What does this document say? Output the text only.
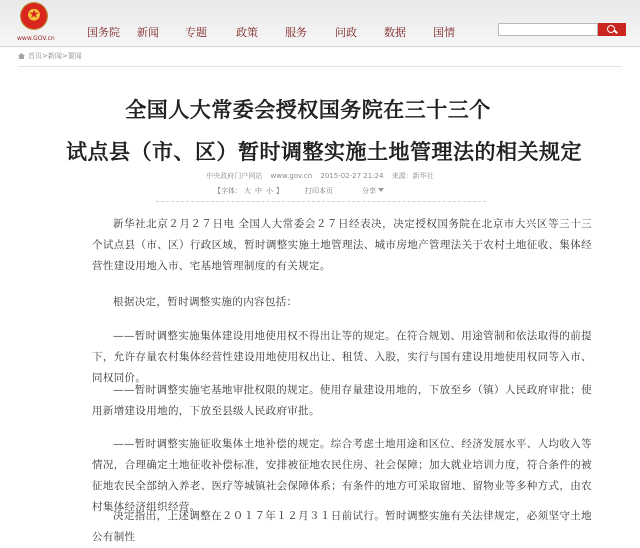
★
www.GOV.cn	国务院 新闻 专题	政策 服务	问政 数据 国情
首页>新闻>要闻
全国人大常委会授权国务院在三十三个
试点县（市、区）暂时调整实施土地管理法的相关规定
中央政府门户网站 www.gov.cn 2015-02-27 21:24 来源：新华社
【字体： 大 中 小 】	打印本页	分享

新华社北京２月２７日电 全国人大常委会２７日经表决，决定授权国务院在北京市大兴区等三十三个试点县（市、区）行政区域，暂时调整实施土地管理法、城市房地产管理法关于农村土地征收、集体经营性建设用地入市、宅基地管理制度的有关规定。

根据决定，暂时调整实施的内容包括：

——暂时调整实施集体建设用地使用权不得出让等的规定。在符合规划、用途管制和依法取得的前提下，允许存量农村集体经营性建设用地使用权出让、租赁、入股，实行与国有建设用地使用权同等入市、同权同价。

——暂时调整实施宅基地审批权限的规定。使用存量建设用地的，下放至乡（镇）人民政府审批；使用新增建设用地的，下放至县级人民政府审批。

——暂时调整实施征收集体土地补偿的规定。综合考虑土地用途和区位、经济发展水平、人均收入等情况，合理确定土地征收补偿标准，安排被征地农民住房、社会保障；加大就业培训力度，符合条件的被征地农民全部纳入养老、医疗等城镇社会保障体系；有条件的地方可采取留地、留物业等多种方式，由农村集体经济组织经营。

决定指出，上述调整在２０１７年１２月３１日前试行。暂时调整实施有关法律规定，必须坚守土地公有制性
